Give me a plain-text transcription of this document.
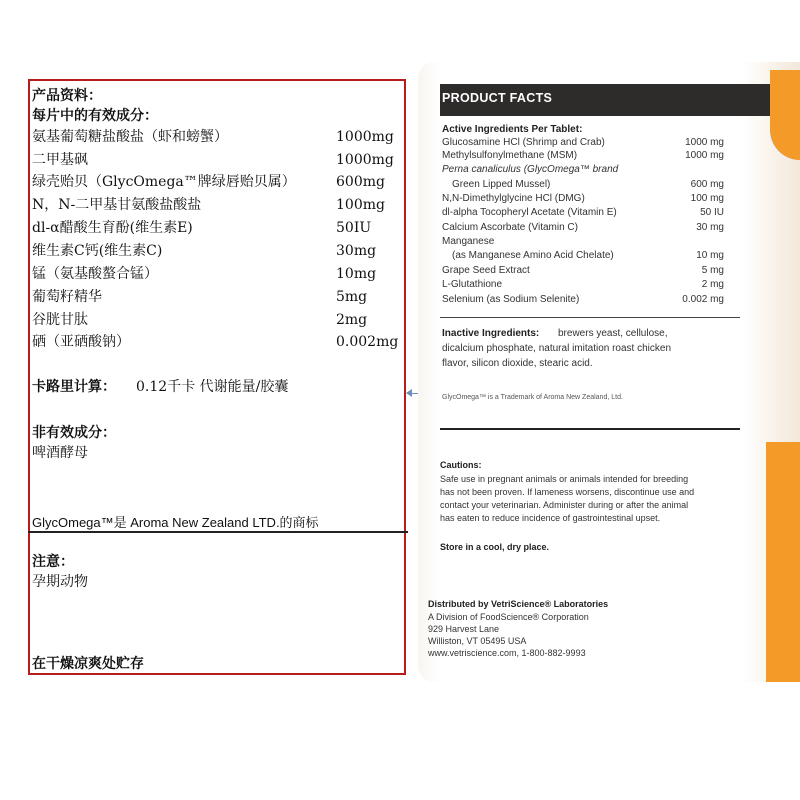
产品资料：
每片中的有效成分：
氨基葡萄糖盐酸盐（虾和螃蟹）	1000mg
二甲基砜	1000mg
绿壳贻贝（GlycOmega™牌绿唇贻贝属）	600mg
N，N-二甲基甘氨酸盐酸盐	100mg
dl-α醋酸生育酚(维生素E)	50IU
维生素C钙(维生素C)	30mg
锰（氨基酸螯合锰）	10mg
葡萄籽精华	5mg
谷胱甘肽	2mg
硒（亚硒酸钠）	0.002mg
卡路里计算： 0.12千卡 代谢能量/胶囊
非有效成分：
啤酒酵母
GlycOmega™是 Aroma New Zealand LTD.的商标
注意：
孕期动物
在干燥凉爽处贮存
PRODUCT FACTS
Active Ingredients Per Tablet:
Glucosamine HCl (Shrimp and Crab)	1000 mg
Methylsulfonylmethane (MSM)	1000 mg
Perna canaliculus (GlycOmega™ brand
Green Lipped Mussel)	600 mg
N,N-Dimethylglycine HCl (DMG)	100 mg
dl-alpha Tocopheryl Acetate (Vitamin E)	50 IU
Calcium Ascorbate (Vitamin C)	30 mg
Manganese
(as Manganese Amino Acid Chelate)	10 mg
Grape Seed Extract	5 mg
L-Glutathione	2 mg
Selenium (as Sodium Selenite)	0.002 mg
Inactive Ingredients: brewers yeast, cellulose,
dicalcium phosphate, natural imitation roast chicken
flavor, silicon dioxide, stearic acid.
GlycOmega™ is a Trademark of Aroma New Zealand, Ltd.
Cautions:
Safe use in pregnant animals or animals intended for breeding
has not been proven. If lameness worsens, discontinue use and
contact your veterinarian. Administer during or after the animal
has eaten to reduce incidence of gastrointestinal upset.
Store in a cool, dry place.
Distributed by VetriScience® Laboratories
A Division of FoodScience® Corporation
929 Harvest Lane
Williston, VT 05495 USA
www.vetriscience.com, 1-800-882-9993
